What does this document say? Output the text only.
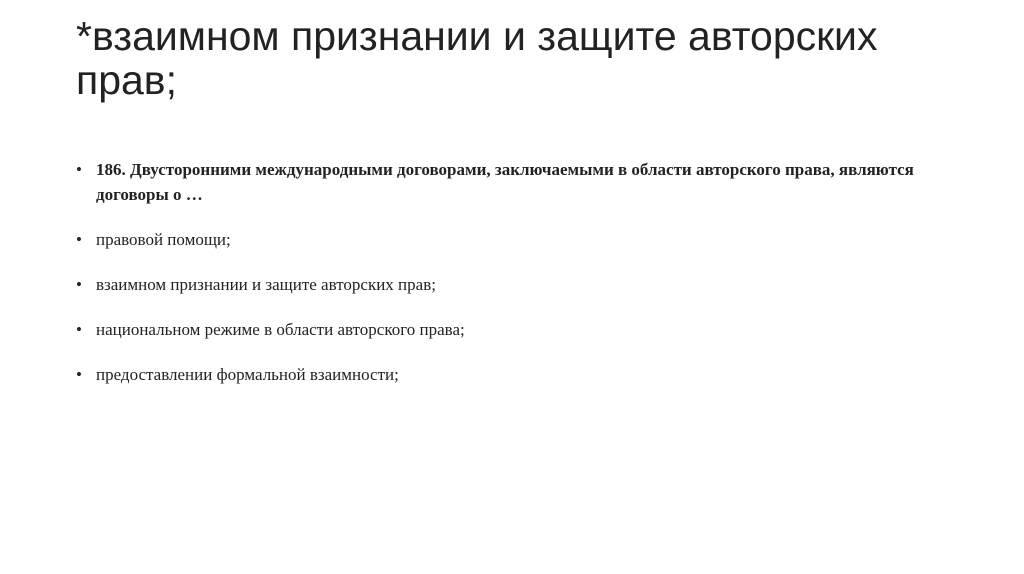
*взаимном признании и защите авторских прав;
• 186. Двусторонними международными договорами, заключаемыми в области авторского права, являются договоры о …
• правовой помощи;
• взаимном признании и защите авторских прав;
• национальном режиме в области авторского права;
• предоставлении формальной взаимности;
